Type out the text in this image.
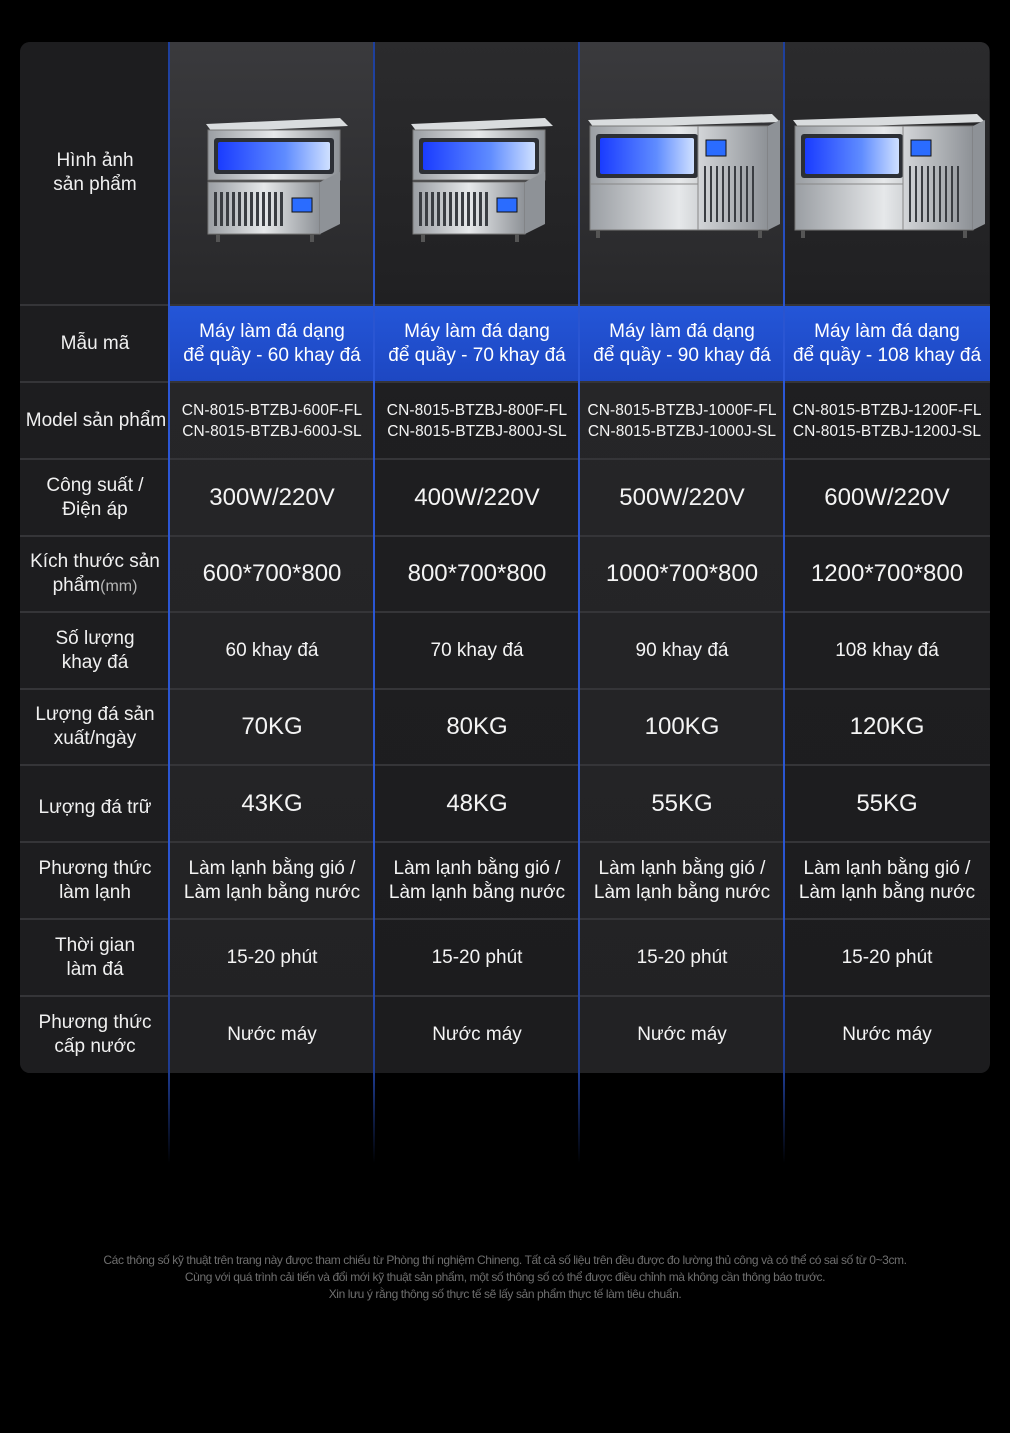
Hình ảnh sản phẩm
Mẫu mã
Model sản phẩm
Công suất / Điện áp
Kích thước sản phẩm(mm)
Số lượng khay đá
Lượng đá sản xuất/ngày
Lượng đá trữ
Phương thức làm lạnh
Thời gian làm đá
Phương thức cấp nước
Máy làm đá dạng
để quầy - 60 khay đá
CN-8015-BTZBJ-600F-FL
CN-8015-BTZBJ-600J-SL
300W/220V
600*700*800
60 khay đá
70KG
43KG
Làm lạnh bằng gió /
Làm lạnh bằng nước
15-20 phút
Nước máy
Máy làm đá dạng
để quầy - 70 khay đá
CN-8015-BTZBJ-800F-FL
CN-8015-BTZBJ-800J-SL
400W/220V
800*700*800
70 khay đá
80KG
48KG
Làm lạnh bằng gió /
Làm lạnh bằng nước
15-20 phút
Nước máy
Máy làm đá dạng
để quầy - 90 khay đá
CN-8015-BTZBJ-1000F-FL
CN-8015-BTZBJ-1000J-SL
500W/220V
1000*700*800
90 khay đá
100KG
55KG
Làm lạnh bằng gió /
Làm lạnh bằng nước
15-20 phút
Nước máy
Máy làm đá dạng
để quầy - 108 khay đá
CN-8015-BTZBJ-1200F-FL
CN-8015-BTZBJ-1200J-SL
600W/220V
1200*700*800
108 khay đá
120KG
55KG
Làm lạnh bằng gió /
Làm lạnh bằng nước
15-20 phút
Nước máy
Các thông số kỹ thuật trên trang này được tham chiếu từ Phòng thí nghiệm Chineng. Tất cả số liệu trên đều được đo lường thủ công và có thể có sai số từ 0~3cm.
Cùng với quá trình cải tiến và đổi mới kỹ thuật sản phẩm, một số thông số có thể được điều chỉnh mà không cần thông báo trước.
Xin lưu ý rằng thông số thực tế sẽ lấy sản phẩm thực tế làm tiêu chuẩn.
